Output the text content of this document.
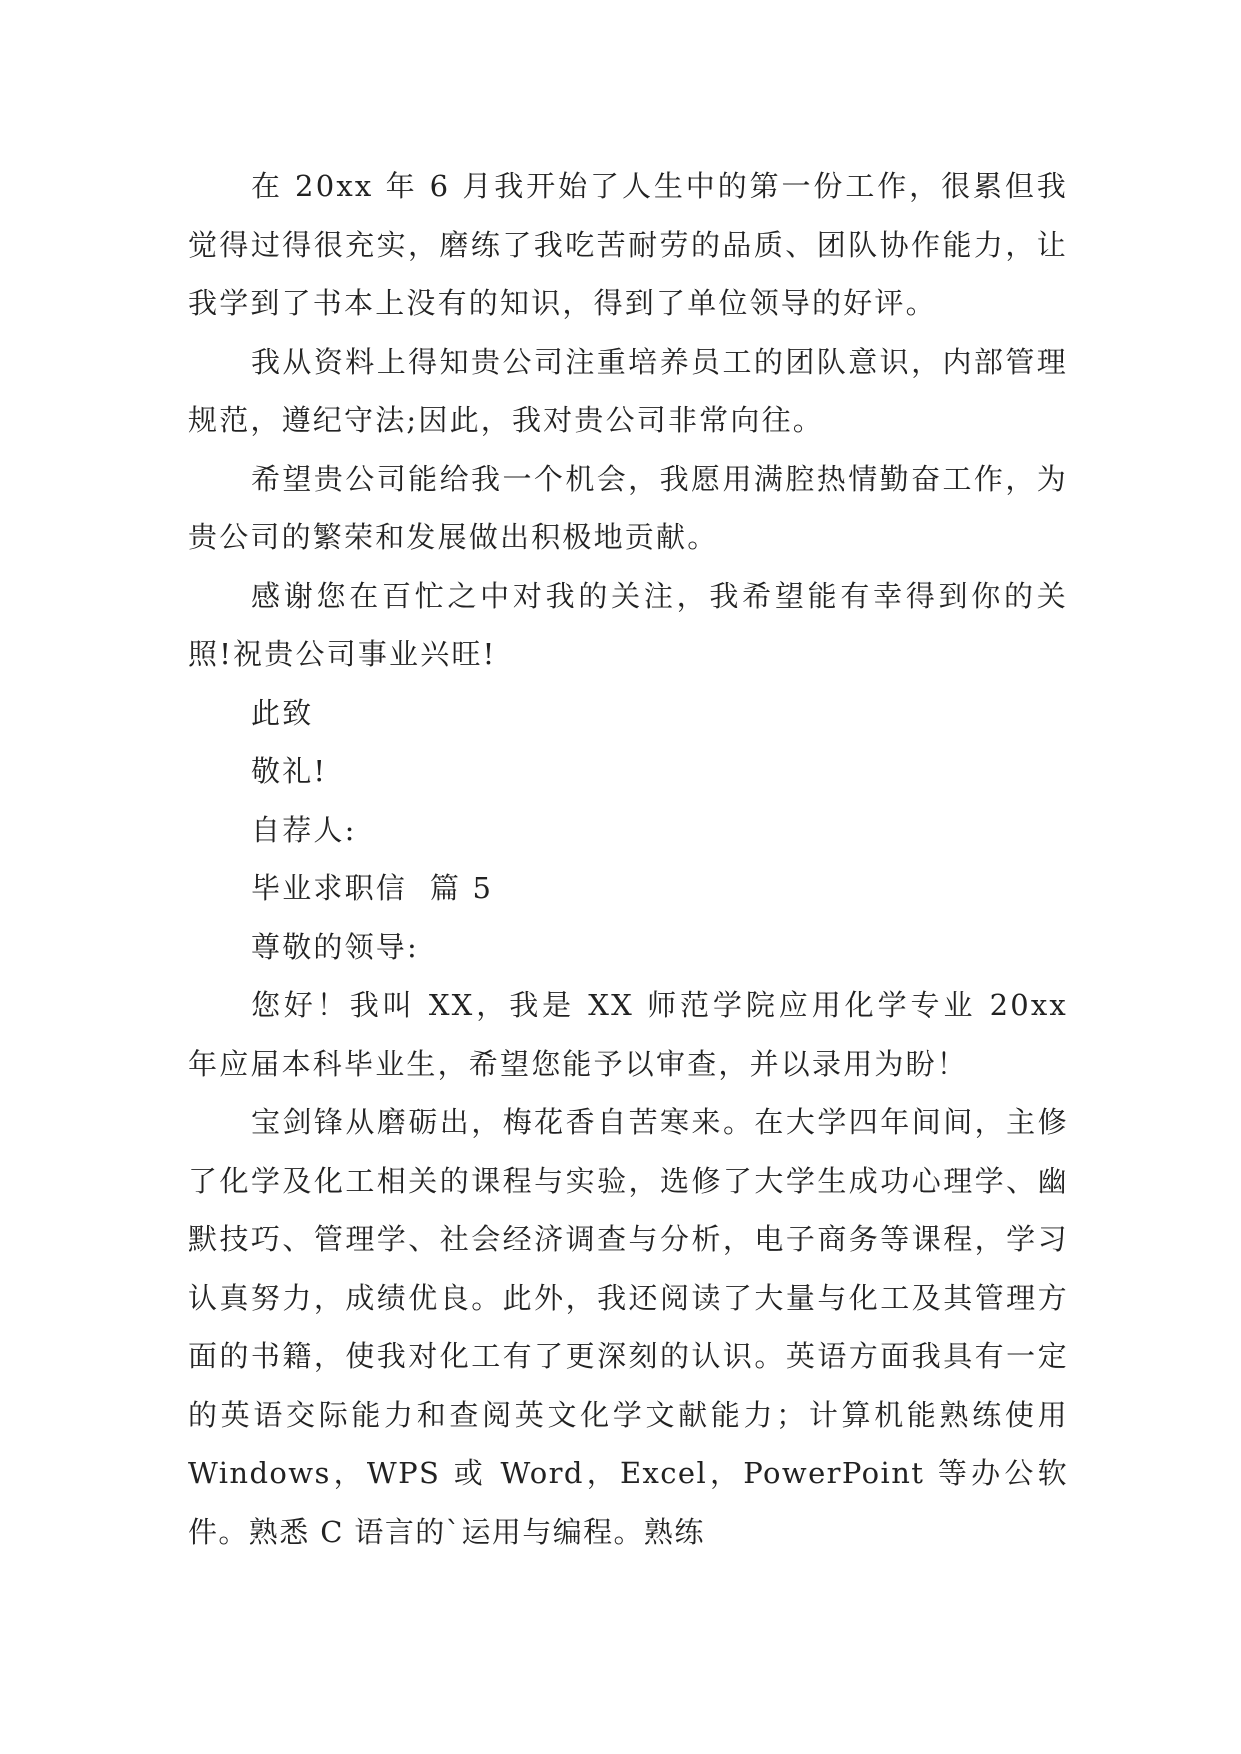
在 20xx 年 6 月我开始了人生中的第一份工作，很累但我觉得过得很充实，磨练了我吃苦耐劳的品质、团队协作能力，让我学到了书本上没有的知识，得到了单位领导的好评。

我从资料上得知贵公司注重培养员工的团队意识，内部管理规范，遵纪守法;因此，我对贵公司非常向往。

希望贵公司能给我一个机会，我愿用满腔热情勤奋工作，为贵公司的繁荣和发展做出积极地贡献。

感谢您在百忙之中对我的关注，我希望能有幸得到你的关照!祝贵公司事业兴旺!

此致

敬礼!

自荐人:

毕业求职信  篇 5

尊敬的领导:

您好！我叫 XX，我是 XX 师范学院应用化学专业 20xx 年应届本科毕业生，希望您能予以审查，并以录用为盼！

宝剑锋从磨砺出，梅花香自苦寒来。在大学四年间间，主修了化学及化工相关的课程与实验，选修了大学生成功心理学、幽默技巧、管理学、社会经济调查与分析，电子商务等课程，学习认真努力，成绩优良。此外，我还阅读了大量与化工及其管理方面的书籍，使我对化工有了更深刻的认识。英语方面我具有一定的英语交际能力和查阅英文化学文献能力；计算机能熟练使用 Windows，WPS 或 Word，Excel，PowerPoint 等办公软件。熟悉 C 语言的`运用与编程。熟练
